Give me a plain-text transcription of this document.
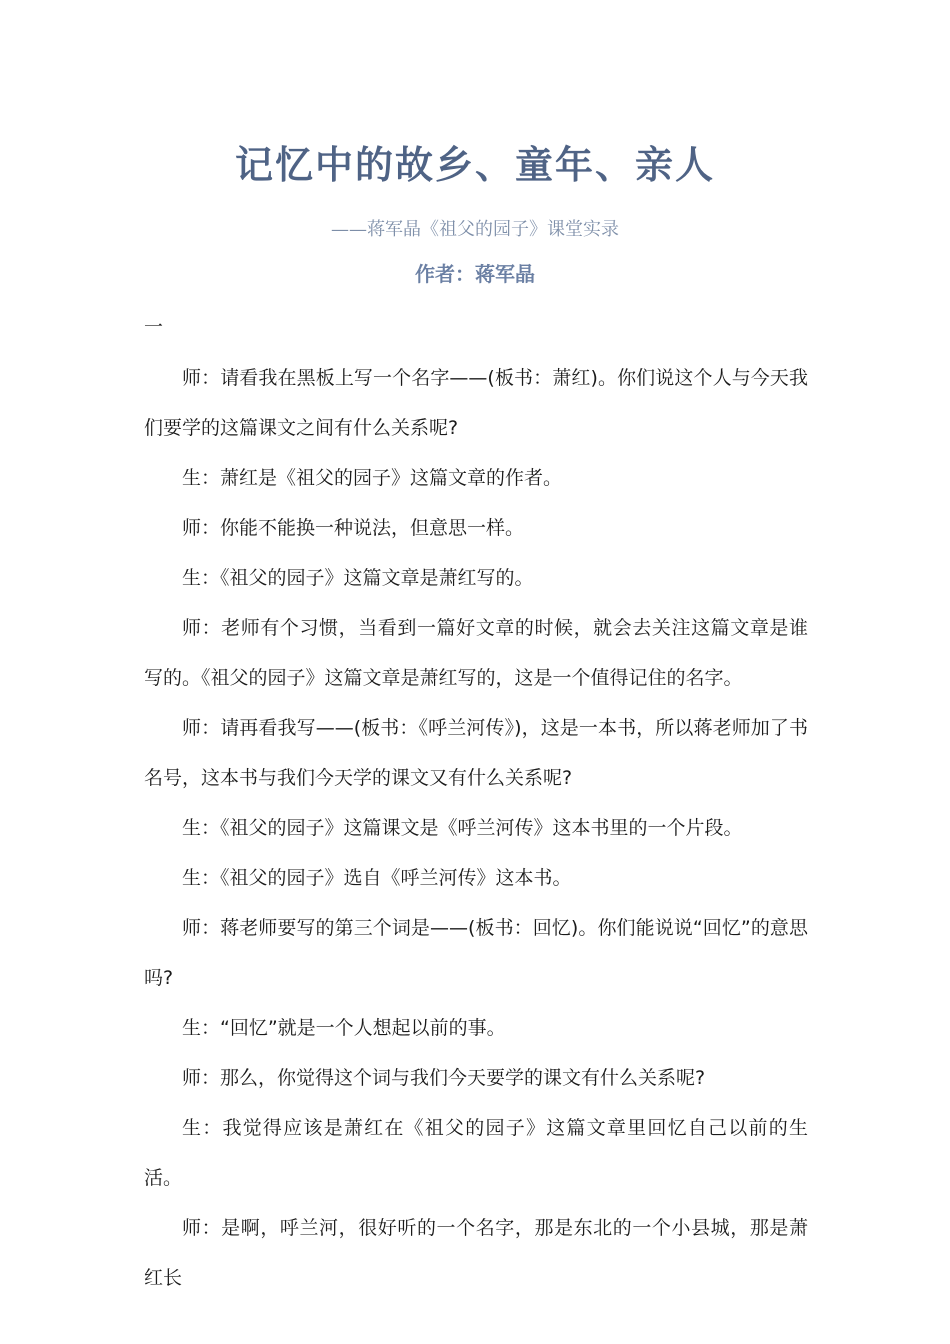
记忆中的故乡、童年、亲人

——蒋军晶《祖父的园子》课堂实录

作者：蒋军晶

一

师：请看我在黑板上写一个名字——(板书：萧红)。你们说这个人与今天我们要学的这篇课文之间有什么关系呢?

生：萧红是《祖父的园子》这篇文章的作者。

师：你能不能换一种说法，但意思一样。

生：《祖父的园子》这篇文章是萧红写的。

师：老师有个习惯，当看到一篇好文章的时候，就会去关注这篇文章是谁写的。《祖父的园子》这篇文章是萧红写的，这是一个值得记住的名字。

师：请再看我写——(板书：《呼兰河传》)，这是一本书，所以蒋老师加了书名号，这本书与我们今天学的课文又有什么关系呢?

生：《祖父的园子》这篇课文是《呼兰河传》这本书里的一个片段。

生：《祖父的园子》选自《呼兰河传》这本书。

师：蒋老师要写的第三个词是——(板书：回忆)。你们能说说“回忆”的意思吗?

生：“回忆”就是一个人想起以前的事。

师：那么，你觉得这个词与我们今天要学的课文有什么关系呢?

生：我觉得应该是萧红在《祖父的园子》这篇文章里回忆自己以前的生活。

师：是啊，呼兰河，很好听的一个名字，那是东北的一个小县城，那是萧红长
